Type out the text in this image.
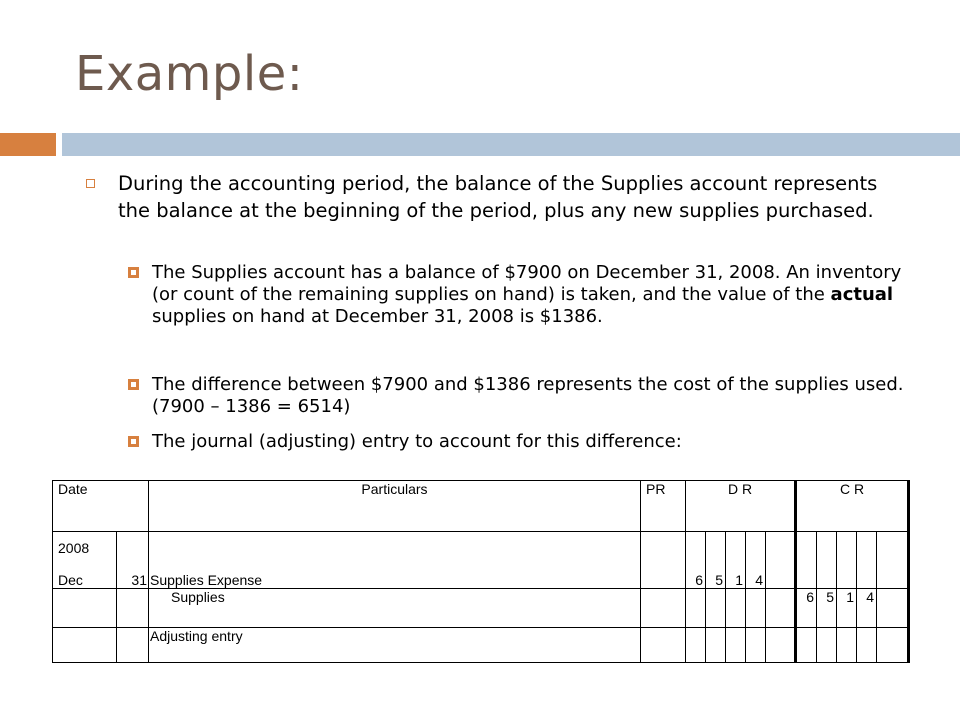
Example:
During the accounting period, the balance of the Supplies account represents the balance at the beginning of the period, plus any new supplies purchased.
The Supplies account has a balance of $7900 on December 31, 2008. An inventory (or count of the remaining supplies on hand) is taken, and the value of the actual supplies on hand at December 31, 2008 is $1386.
The difference between $7900 and $1386 represents the cost of the supplies used. (7900 – 1386 = 6514)
The journal (adjusting) entry to account for this difference:
Date		Particulars	PR	D R					C R				

2008
Dec	31	Supplies Expense		6	5	1	4						
		Supplies							6	5	1	4	
		Adjusting entry											
